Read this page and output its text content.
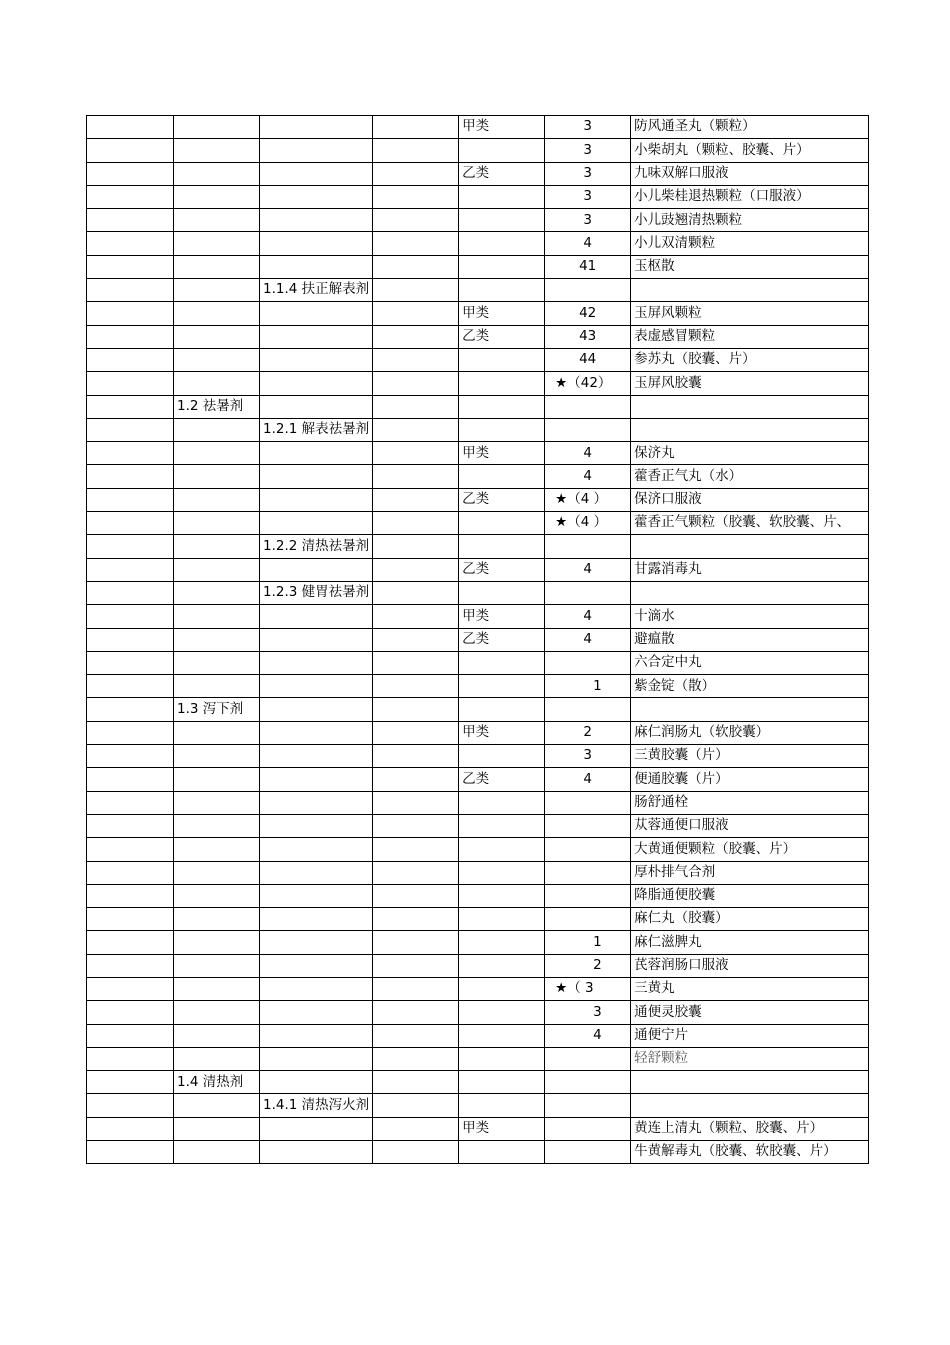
				甲类	3	防风通圣丸（颗粒）
					3	小柴胡丸（颗粒、胶囊、片）
				乙类	3	九味双解口服液
					3	小儿柴桂退热颗粒（口服液）
					3	小儿豉翘清热颗粒
					4	小儿双清颗粒
					41	玉枢散
		1.1.4 扶正解表剂				
				甲类	42	玉屏风颗粒
				乙类	43	表虚感冒颗粒
					44	参苏丸（胶囊、片）
					★（42）	玉屏风胶囊
	1.2 祛暑剂					
		1.2.1 解表祛暑剂				
				甲类	4	保济丸
					4	藿香正气丸（水）
				乙类	★（4 ）	保济口服液
					★（4 ）	藿香正气颗粒（胶囊、软胶囊、片、
		1.2.2 清热祛暑剂				
				乙类	4	甘露消毒丸
		1.2.3 健胃祛暑剂				
				甲类	4	十滴水
				乙类	4	避瘟散
						六合定中丸
					1	紫金锭（散）
	1.3 泻下剂					
				甲类	2	麻仁润肠丸（软胶囊）
					3	三黄胶囊（片）
				乙类	4	便通胶囊（片）
						肠舒通栓
						苁蓉通便口服液
						大黄通便颗粒（胶囊、片）
						厚朴排气合剂
						降脂通便胶囊
						麻仁丸（胶囊）
					1	麻仁滋脾丸
					2	芪蓉润肠口服液
					★（ 3	三黄丸
					3	通便灵胶囊
					4	通便宁片
						轻舒颗粒
	1.4 清热剂					
		1.4.1 清热泻火剂				
				甲类		黄连上清丸（颗粒、胶囊、片）
						牛黄解毒丸（胶囊、软胶囊、片）
